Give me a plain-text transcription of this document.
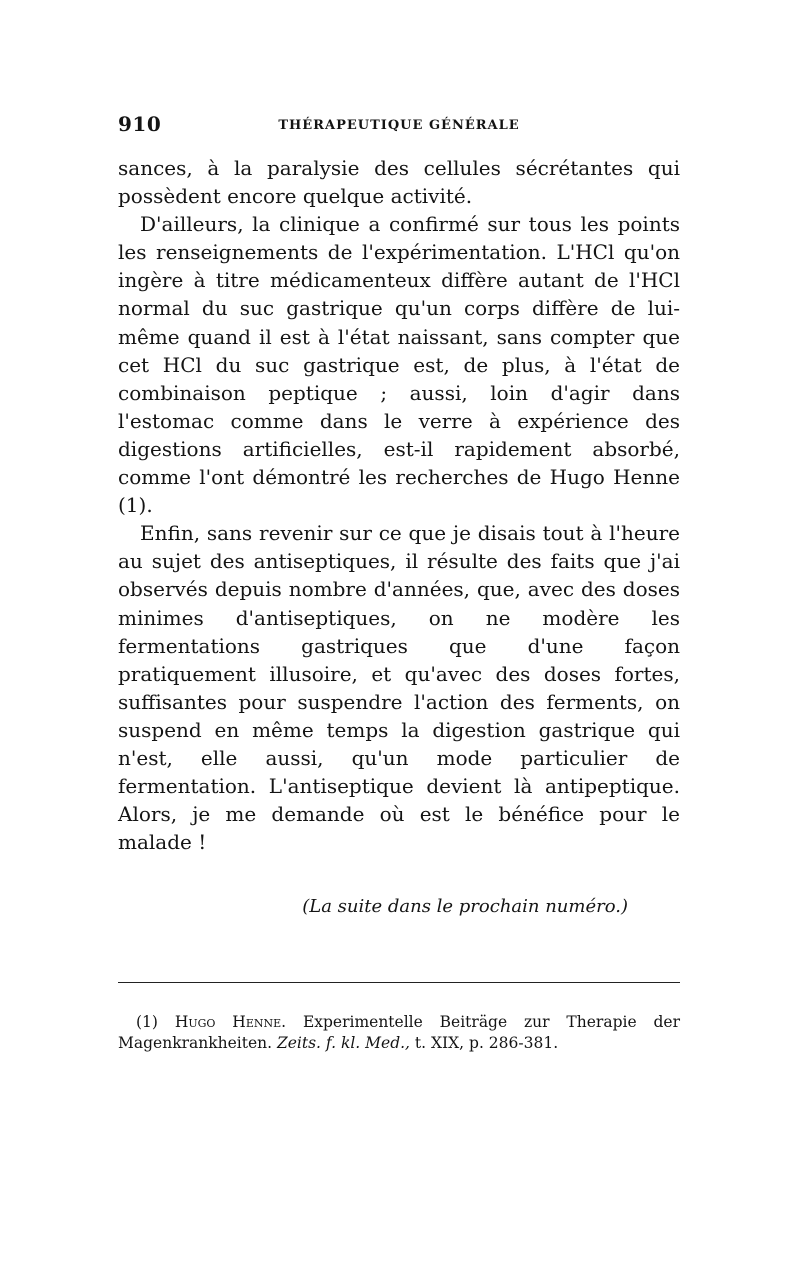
910	THÉRAPEUTIQUE GÉNÉRALE

sances, à la paralysie des cellules sécrétantes qui possèdent encore quelque activité.

D'ailleurs, la clinique a confirmé sur tous les points les renseignements de l'expérimentation. L'HCl qu'on ingère à titre médicamenteux diffère autant de l'HCl normal du suc gastrique qu'un corps diffère de lui-même quand il est à l'état naissant, sans compter que cet HCl du suc gastrique est, de plus, à l'état de combinaison peptique ; aussi, loin d'agir dans l'estomac comme dans le verre à expérience des digestions artificielles, est-il rapidement absorbé, comme l'ont démontré les recherches de Hugo Henne (1).

Enfin, sans revenir sur ce que je disais tout à l'heure au sujet des antiseptiques, il résulte des faits que j'ai observés depuis nombre d'années, que, avec des doses minimes d'antiseptiques, on ne modère les fermentations gastriques que d'une façon pratiquement illusoire, et qu'avec des doses fortes, suffisantes pour suspendre l'action des ferments, on suspend en même temps la digestion gastrique qui n'est, elle aussi, qu'un mode particulier de fermentation. L'antiseptique devient là antipeptique. Alors, je me demande où est le bénéfice pour le malade !

(La suite dans le prochain numéro.)

(1) Hugo Henne. Experimentelle Beiträge zur Therapie der Magenkrankheiten. Zeits. f. kl. Med., t. XIX, p. 286-381.
